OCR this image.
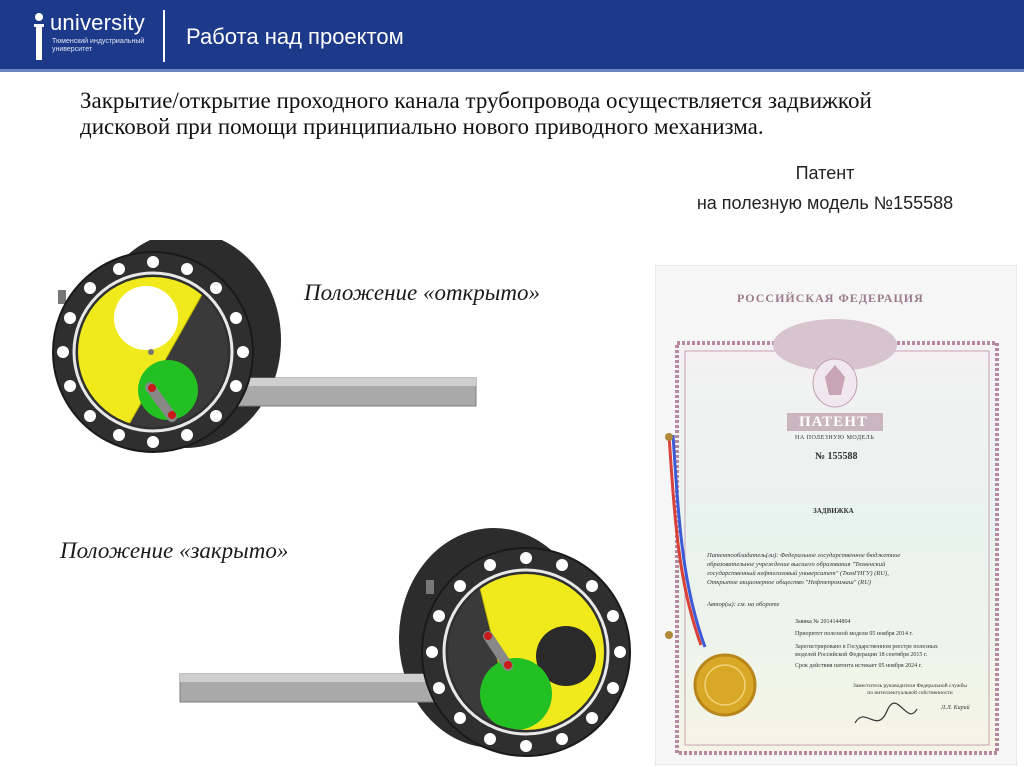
university
Тюменский индустриальный университет
Работа над проектом
Закрытие/открытие проходного канала трубопровода осуществляется задвижкой дисковой при помощи принципиально нового приводного механизма.
Патент
на полезную модель №155588
Положение «открыто»
Положение «закрыто»
РОССИЙСКАЯ ФЕДЕРАЦИЯ
ПАТЕНТ
НА ПОЛЕЗНУЮ МОДЕЛЬ
№ 155588
ЗАДВИЖКА
Патентообладатель(ли): Федеральное государственное бюджетное
образовательное учреждение высшего образования "Тюменский
государственный нефтегазовый университет" (ТюмГНГУ) (RU),
Открытое акционерное общество "Нефтепроммаш" (RU)
Автор(ы): см. на обороте
Заявка № 2014144804
Приоритет полезной модели 05 ноября 2014 г.
Зарегистрировано в Государственном реестре полезных
моделей Российской Федерации 18 сентября 2015 г.
Срок действия патента истекает 05 ноября 2024 г.
Заместитель руководителя Федеральной службы
по интеллектуальной собственности
Л.Л. Кирий
